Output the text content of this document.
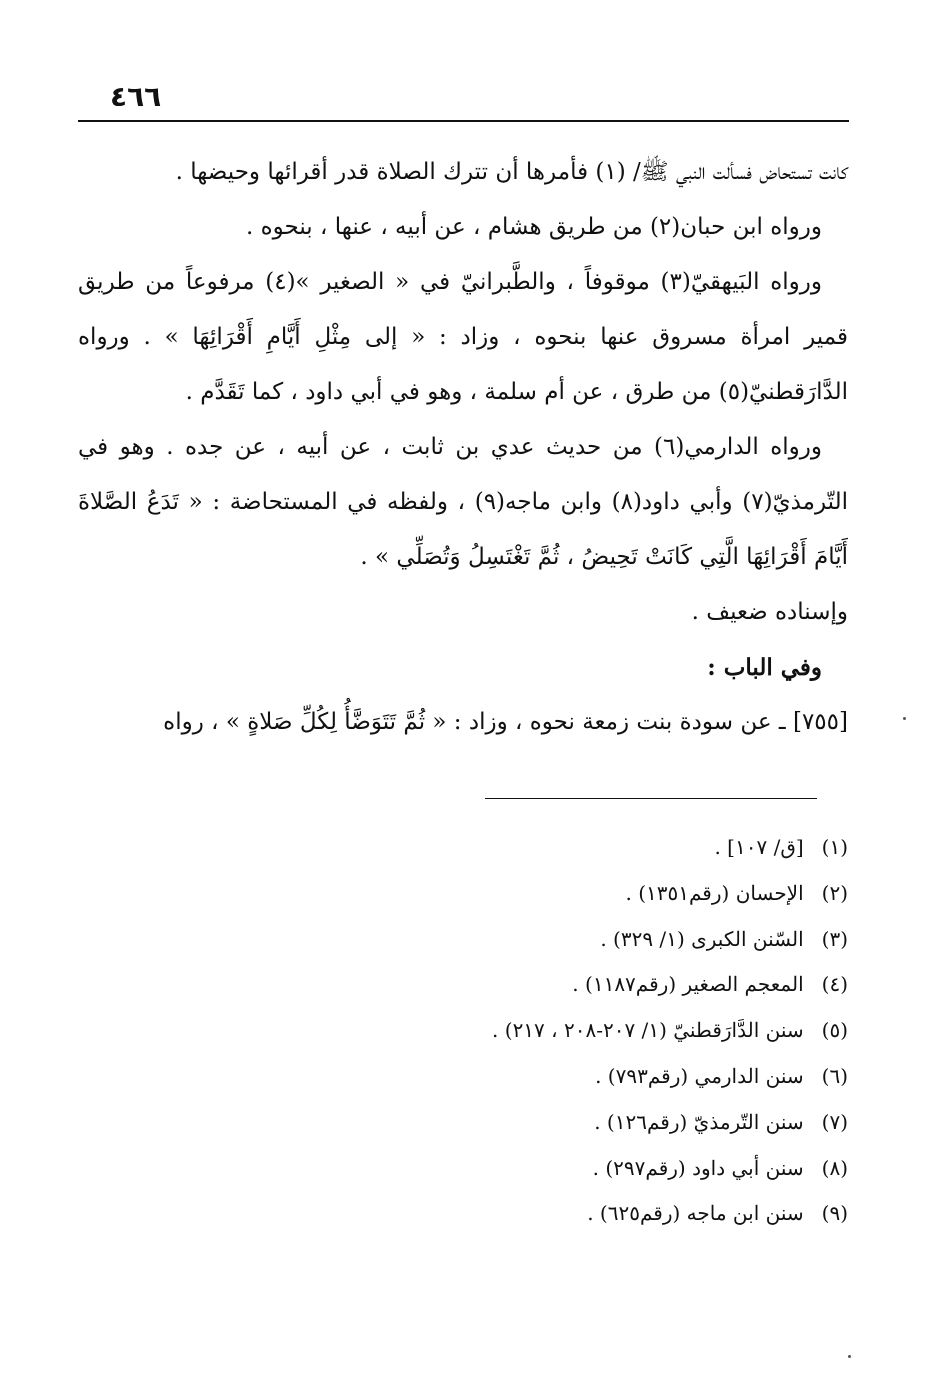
٤٦٦

كانت تستحاض فسألت النبي ﷺ/ (١) فأمرها أن تترك الصلاة قدر أقرائها وحيضها .

ورواه ابن حبان(٢) من طريق هشام ، عن أبيه ، عنها ، بنحوه .

ورواه البَيهقيّ(٣) موقوفاً ، والطَّبرانيّ في « الصغير »(٤) مرفوعاً من طريق قمير امرأة مسروق عنها بنحوه ، وزاد : « إلى مِثْلِ أَيَّامِ أَقْرَائِهَا » . ورواه الدَّارَقطنيّ(٥) من طرق ، عن أم سلمة ، وهو في أبي داود ، كما تَقَدَّم .

ورواه الدارمي(٦) من حديث عدي بن ثابت ، عن أبيه ، عن جده . وهو في التّرمذيّ(٧) وأبي داود(٨) وابن ماجه(٩) ، ولفظه في المستحاضة : « تَدَعُ الصَّلاةَ أَيَّامَ أَقْرَائِهَا الَّتِي كَانَتْ تَحِيضُ ، ثُمَّ تَغْتَسِلُ وَتُصَلِّي » .

وإسناده ضعيف .

وفي الباب :

[٧٥٥] ـ عن سودة بنت زمعة نحوه ، وزاد : « ثُمَّ تَتَوَضَّأُ لِكُلِّ صَلاةٍ » ، رواه

(١) [ق/ ١٠٧] .
(٢) الإحسان (رقم١٣٥١) .
(٣) السّنن الكبرى (١/ ٣٢٩) .
(٤) المعجم الصغير (رقم١١٨٧) .
(٥) سنن الدَّارَقطنيّ (١/ ٢٠٧-٢٠٨ ، ٢١٧) .
(٦) سنن الدارمي (رقم٧٩٣) .
(٧) سنن التّرمذيّ (رقم١٢٦) .
(٨) سنن أبي داود (رقم٢٩٧) .
(٩) سنن ابن ماجه (رقم٦٢٥) .
